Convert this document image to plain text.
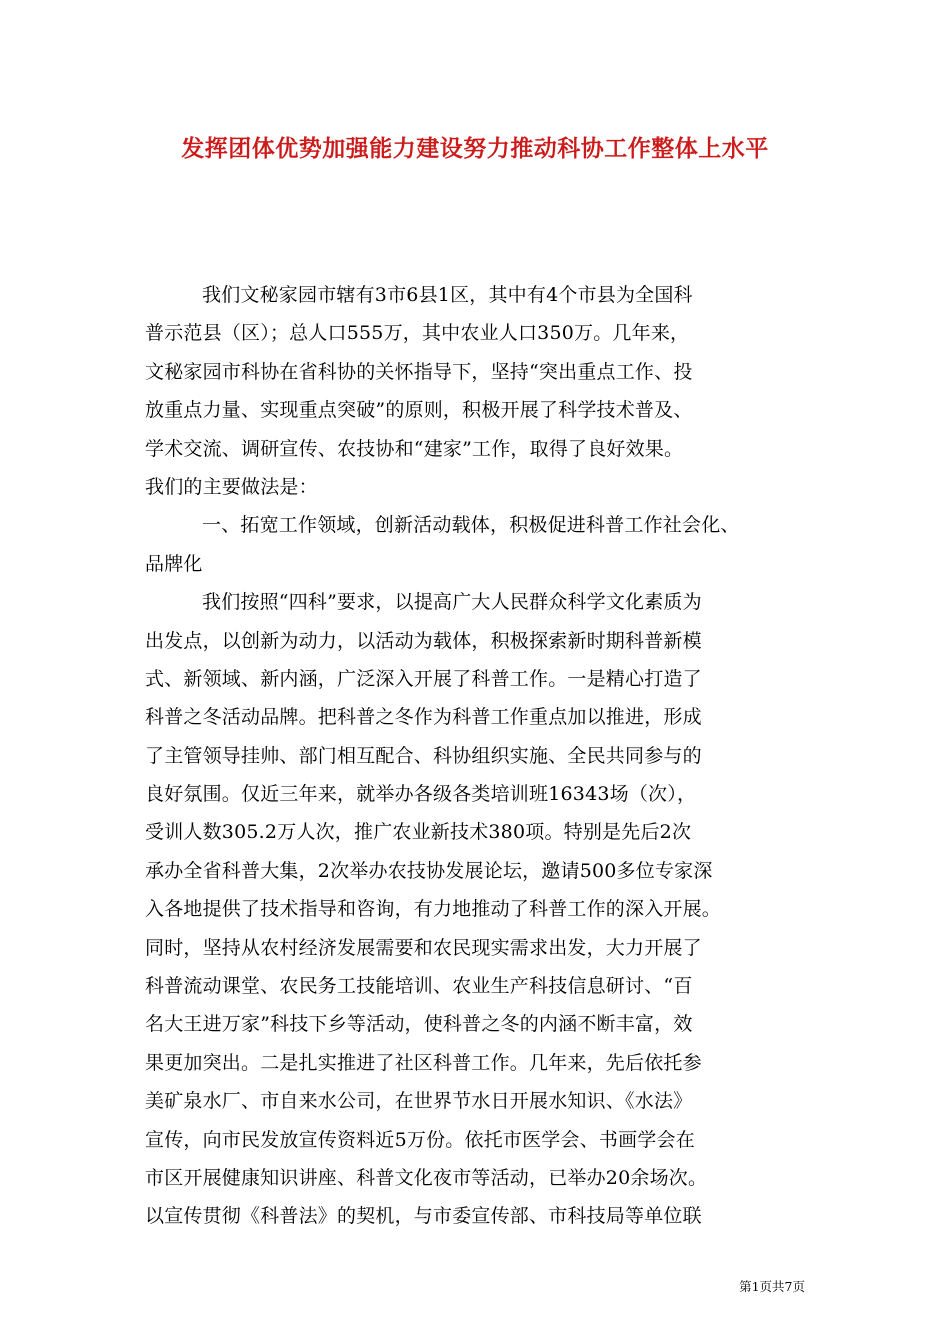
发挥团体优势加强能力建设努力推动科协工作整体上水平
我们文秘家园市辖有3市6县1区，其中有4个市县为全国科
普示范县（区）；总人口555万，其中农业人口350万。几年来，
文秘家园市科协在省科协的关怀指导下，坚持“突出重点工作、投
放重点力量、实现重点突破”的原则，积极开展了科学技术普及、
学术交流、调研宣传、农技协和“建家”工作，取得了良好效果。
我们的主要做法是：
一、拓宽工作领域，创新活动载体，积极促进科普工作社会化、
品牌化
我们按照“四科”要求，以提高广大人民群众科学文化素质为
出发点，以创新为动力，以活动为载体，积极探索新时期科普新模
式、新领域、新内涵，广泛深入开展了科普工作。一是精心打造了
科普之冬活动品牌。把科普之冬作为科普工作重点加以推进，形成
了主管领导挂帅、部门相互配合、科协组织实施、全民共同参与的
良好氛围。仅近三年来，就举办各级各类培训班16343场（次），
受训人数305.2万人次，推广农业新技术380项。特别是先后2次
承办全省科普大集，2次举办农技协发展论坛，邀请500多位专家深
入各地提供了技术指导和咨询，有力地推动了科普工作的深入开展。
同时，坚持从农村经济发展需要和农民现实需求出发，大力开展了
科普流动课堂、农民务工技能培训、农业生产科技信息研讨、“百
名大王进万家”科技下乡等活动，使科普之冬的内涵不断丰富，效
果更加突出。二是扎实推进了社区科普工作。几年来，先后依托参
美矿泉水厂、市自来水公司，在世界节水日开展水知识、《水法》
宣传，向市民发放宣传资料近5万份。依托市医学会、书画学会在
市区开展健康知识讲座、科普文化夜市等活动，已举办20余场次。
以宣传贯彻《科普法》的契机，与市委宣传部、市科技局等单位联
第1页共7页
